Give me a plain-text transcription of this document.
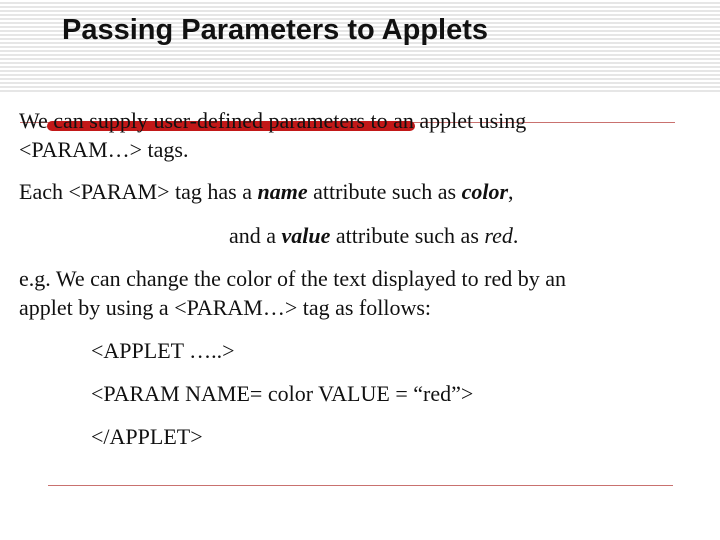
Passing Parameters to Applets

We can supply user-defined parameters to an applet using
<PARAM…> tags.

Each <PARAM> tag has a name attribute such as color,

and a value attribute such as red.

e.g. We can change the color of the text displayed to red by an
applet by using a <PARAM…> tag as follows:

<APPLET …..>

<PARAM NAME= color VALUE = “red”>

</APPLET>
